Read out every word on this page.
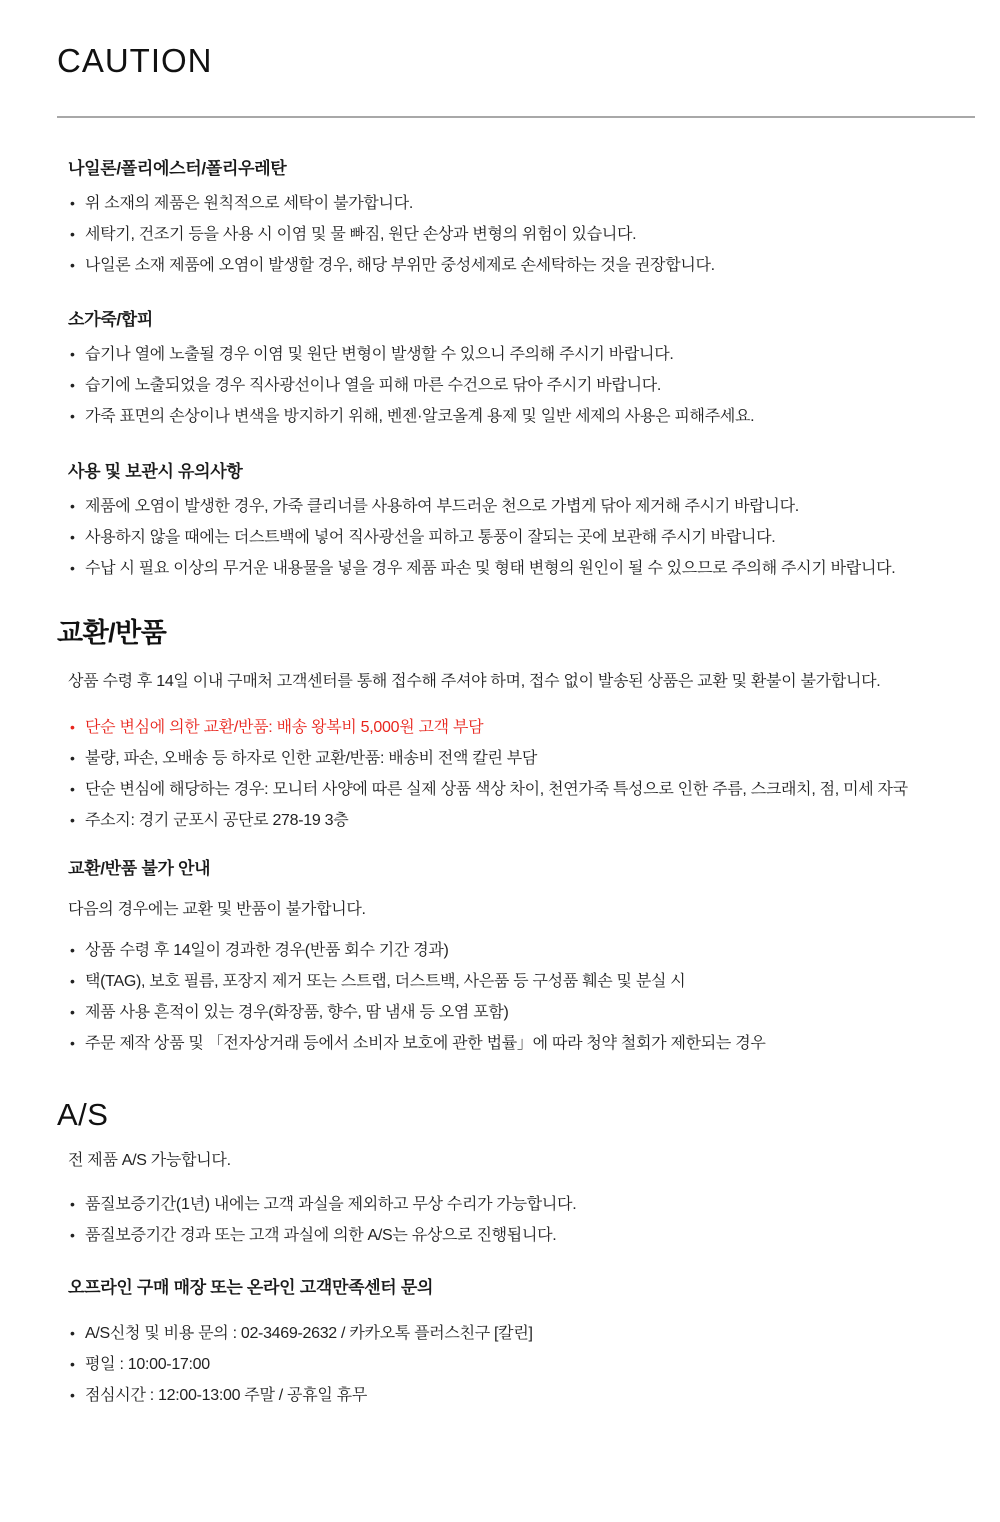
CAUTION
나일론/폴리에스터/폴리우레탄
• 위 소재의 제품은 원칙적으로 세탁이 불가합니다.
• 세탁기, 건조기 등을 사용 시 이염 및 물 빠짐, 원단 손상과 변형의 위험이 있습니다.
• 나일론 소재 제품에 오염이 발생할 경우, 해당 부위만 중성세제로 손세탁하는 것을 권장합니다.
소가죽/합피
• 습기나 열에 노출될 경우 이염 및 원단 변형이 발생할 수 있으니 주의해 주시기 바랍니다.
• 습기에 노출되었을 경우 직사광선이나 열을 피해 마른 수건으로 닦아 주시기 바랍니다.
• 가죽 표면의 손상이나 변색을 방지하기 위해, 벤젠·알코올계 용제 및 일반 세제의 사용은 피해주세요.
사용 및 보관시 유의사항
• 제품에 오염이 발생한 경우, 가죽 클리너를 사용하여 부드러운 천으로 가볍게 닦아 제거해 주시기 바랍니다.
• 사용하지 않을 때에는 더스트백에 넣어 직사광선을 피하고 통풍이 잘되는 곳에 보관해 주시기 바랍니다.
• 수납 시 필요 이상의 무거운 내용물을 넣을 경우 제품 파손 및 형태 변형의 원인이 될 수 있으므로 주의해 주시기 바랍니다.
교환/반품

상품 수령 후 14일 이내 구매처 고객센터를 통해 접수해 주셔야 하며, 접수 없이 발송된 상품은 교환 및 환불이 불가합니다.

• 단순 변심에 의한 교환/반품: 배송 왕복비 5,000원 고객 부담
• 불량, 파손, 오배송 등 하자로 인한 교환/반품: 배송비 전액 칼린 부담
• 단순 변심에 해당하는 경우: 모니터 사양에 따른 실제 상품 색상 차이, 천연가죽 특성으로 인한 주름, 스크래치, 점, 미세 자국
• 주소지: 경기 군포시 공단로 278-19 3층
교환/반품 불가 안내

다음의 경우에는 교환 및 반품이 불가합니다.

• 상품 수령 후 14일이 경과한 경우(반품 회수 기간 경과)
• 택(TAG), 보호 필름, 포장지 제거 또는 스트랩, 더스트백, 사은품 등 구성품 훼손 및 분실 시
• 제품 사용 흔적이 있는 경우(화장품, 향수, 땀 냄새 등 오염 포함)
• 주문 제작 상품 및 「전자상거래 등에서 소비자 보호에 관한 법률」에 따라 청약 철회가 제한되는 경우
A/S

전 제품 A/S 가능합니다.

• 품질보증기간(1년) 내에는 고객 과실을 제외하고 무상 수리가 가능합니다.
• 품질보증기간 경과 또는 고객 과실에 의한 A/S는 유상으로 진행됩니다.
오프라인 구매 매장 또는 온라인 고객만족센터 문의
• A/S신청 및 비용 문의 : 02-3469-2632 / 카카오톡 플러스친구 [칼린]
• 평일 : 10:00-17:00
• 점심시간 : 12:00-13:00 주말 / 공휴일 휴무
